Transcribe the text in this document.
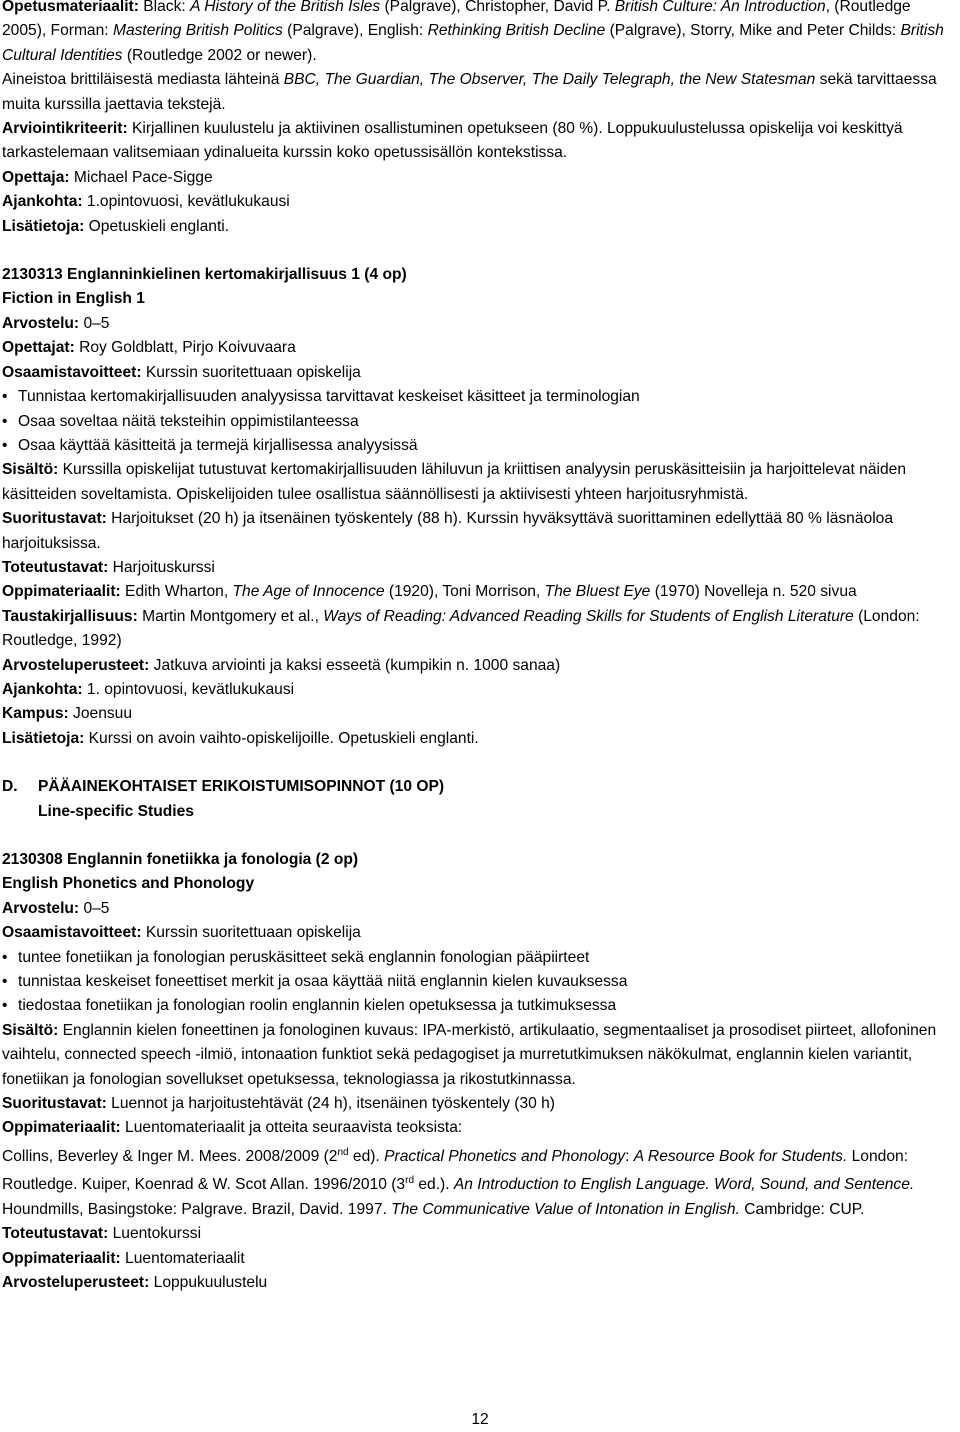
Opetusmateriaalit: Black: A History of the British Isles (Palgrave), Christopher, David P. British Culture: An Introduction, (Routledge 2005), Forman: Mastering British Politics (Palgrave), English: Rethinking British Decline (Palgrave), Storry, Mike and Peter Childs: British Cultural Identities (Routledge 2002 or newer).

Aineistoa brittiläisestä mediasta lähteinä BBC, The Guardian, The Observer, The Daily Telegraph, the New Statesman sekä tarvittaessa muita kurssilla jaettavia tekstejä.

Arviointikriteerit: Kirjallinen kuulustelu ja aktiivinen osallistuminen opetukseen (80 %). Loppukuulustelussa opiskelija voi keskittyä tarkastelemaan valitsemiaan ydinalueita kurssin koko opetussisällön kontekstissa.

Opettaja: Michael Pace-Sigge

Ajankohta: 1.opintovuosi, kevätlukukausi

Lisätietoja: Opetuskieli englanti.

2130313 Englanninkielinen kertomakirjallisuus 1 (4 op)

Fiction in English 1

Arvostelu: 0–5

Opettajat: Roy Goldblatt, Pirjo Koivuvaara

Osaamistavoitteet: Kurssin suoritettuaan opiskelija

• Tunnistaa kertomakirjallisuuden analyysissa tarvittavat keskeiset käsitteet ja terminologian

• Osaa soveltaa näitä teksteihin oppimistilanteessa

• Osaa käyttää käsitteitä ja termejä kirjallisessa analyysissä

Sisältö: Kurssilla opiskelijat tutustuvat kertomakirjallisuuden lähiluvun ja kriittisen analyysin peruskäsitteisiin ja harjoittelevat näiden käsitteiden soveltamista. Opiskelijoiden tulee osallistua säännöllisesti ja aktiivisesti yhteen harjoitusryhmistä.

Suoritustavat: Harjoitukset (20 h) ja itsenäinen työskentely (88 h). Kurssin hyväksyttävä suorittaminen edellyttää 80 % läsnäoloa harjoituksissa.

Toteutustavat: Harjoituskurssi

Oppimateriaalit: Edith Wharton, The Age of Innocence (1920), Toni Morrison, The Bluest Eye (1970) Novelleja n. 520 sivua

Taustakirjallisuus: Martin Montgomery et al., Ways of Reading: Advanced Reading Skills for Students of English Literature (London: Routledge, 1992)

Arvosteluperusteet: Jatkuva arviointi ja kaksi esseetä (kumpikin n. 1000 sanaa)

Ajankohta: 1. opintovuosi, kevätlukukausi

Kampus: Joensuu

Lisätietoja: Kurssi on avoin vaihto-opiskelijoille. Opetuskieli englanti.

D. PÄÄAINEKOHTAISET ERIKOISTUMISOPINNOT (10 OP)

Line-specific Studies

2130308 Englannin fonetiikka ja fonologia (2 op)

English Phonetics and Phonology

Arvostelu: 0–5

Osaamistavoitteet: Kurssin suoritettuaan opiskelija

• tuntee fonetiikan ja fonologian peruskäsitteet sekä englannin fonologian pääpiirteet

• tunnistaa keskeiset foneettiset merkit ja osaa käyttää niitä englannin kielen kuvauksessa

• tiedostaa fonetiikan ja fonologian roolin englannin kielen opetuksessa ja tutkimuksessa

Sisältö: Englannin kielen foneettinen ja fonologinen kuvaus: IPA-merkistö, artikulaatio, segmentaaliset ja prosodiset piirteet, allofoninen vaihtelu, connected speech -ilmiö, intonaation funktiot sekä pedagogiset ja murretutkimuksen näkökulmat, englannin kielen variantit, fonetiikan ja fonologian sovellukset opetuksessa, teknologiassa ja rikostutkinnassa.

Suoritustavat: Luennot ja harjoitustehtävät (24 h), itsenäinen työskentely (30 h)

Oppimateriaalit: Luentomateriaalit ja otteita seuraavista teoksista:

Collins, Beverley & Inger M. Mees. 2008/2009 (2nd ed). Practical Phonetics and Phonology: A Resource Book for Students. London: Routledge. Kuiper, Koenrad & W. Scot Allan. 1996/2010 (3rd ed.). An Introduction to English Language. Word, Sound, and Sentence. Houndmills, Basingstoke: Palgrave. Brazil, David. 1997. The Communicative Value of Intonation in English. Cambridge: CUP.

Toteutustavat: Luentokurssi

Oppimateriaalit: Luentomateriaalit

Arvosteluperusteet: Loppukuulustelu

12
